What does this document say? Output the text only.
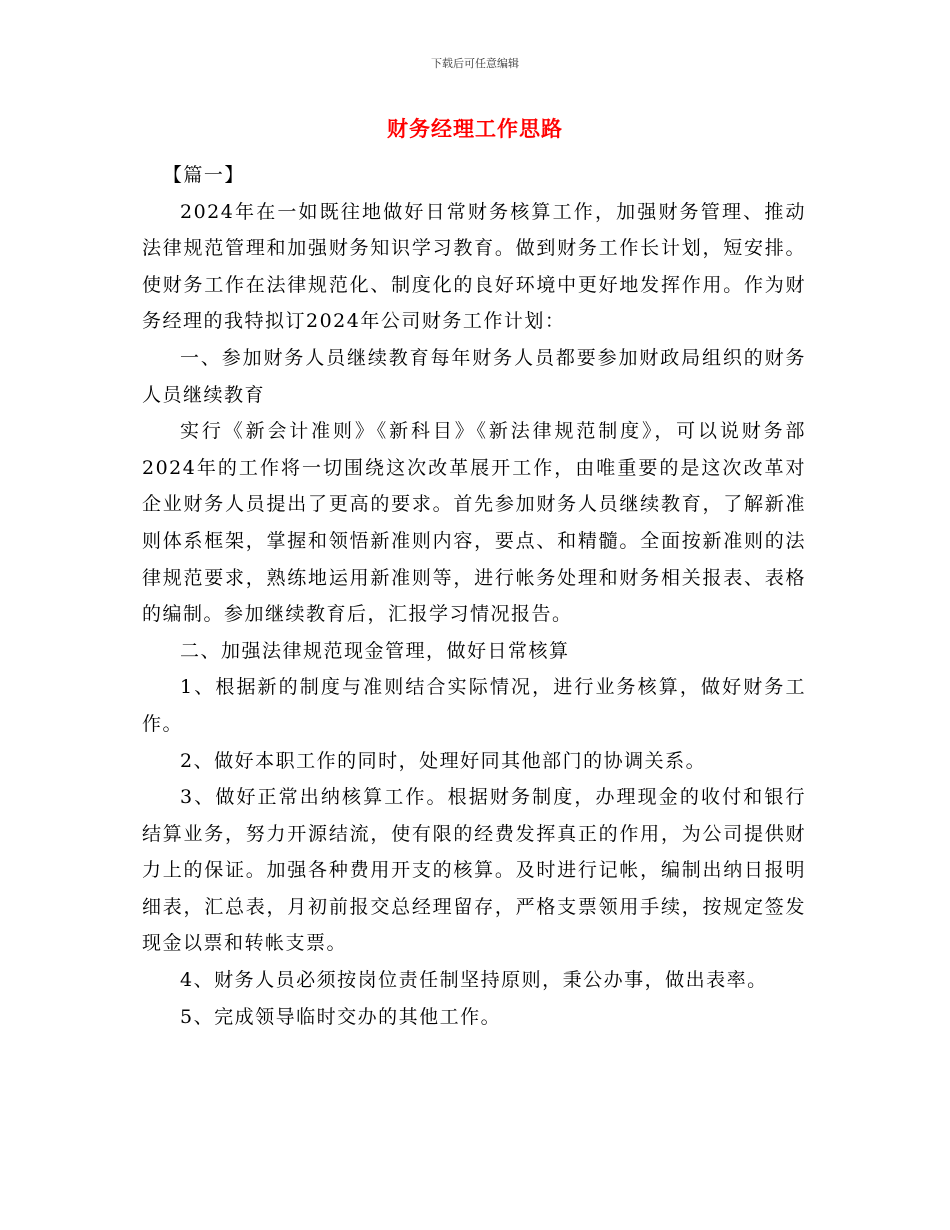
下载后可任意编辑
财务经理工作思路

【篇一】

2024年在一如既往地做好日常财务核算工作，加强财务管理、推动法律规范管理和加强财务知识学习教育。做到财务工作长计划，短安排。使财务工作在法律规范化、制度化的良好环境中更好地发挥作用。作为财务经理的我特拟订2024年公司财务工作计划：

一、参加财务人员继续教育每年财务人员都要参加财政局组织的财务人员继续教育

实行《新会计准则》《新科目》《新法律规范制度》，可以说财务部2024年的工作将一切围绕这次改革展开工作，由唯重要的是这次改革对企业财务人员提出了更高的要求。首先参加财务人员继续教育，了解新准则体系框架，掌握和领悟新准则内容，要点、和精髓。全面按新准则的法律规范要求，熟练地运用新准则等，进行帐务处理和财务相关报表、表格的编制。参加继续教育后，汇报学习情况报告。

二、加强法律规范现金管理，做好日常核算

1、根据新的制度与准则结合实际情况，进行业务核算，做好财务工作。

2、做好本职工作的同时，处理好同其他部门的协调关系。

3、做好正常出纳核算工作。根据财务制度，办理现金的收付和银行结算业务，努力开源结流，使有限的经费发挥真正的作用，为公司提供财力上的保证。加强各种费用开支的核算。及时进行记帐，编制出纳日报明细表，汇总表，月初前报交总经理留存，严格支票领用手续，按规定签发现金以票和转帐支票。

4、财务人员必须按岗位责任制坚持原则，秉公办事，做出表率。

5、完成领导临时交办的其他工作。
